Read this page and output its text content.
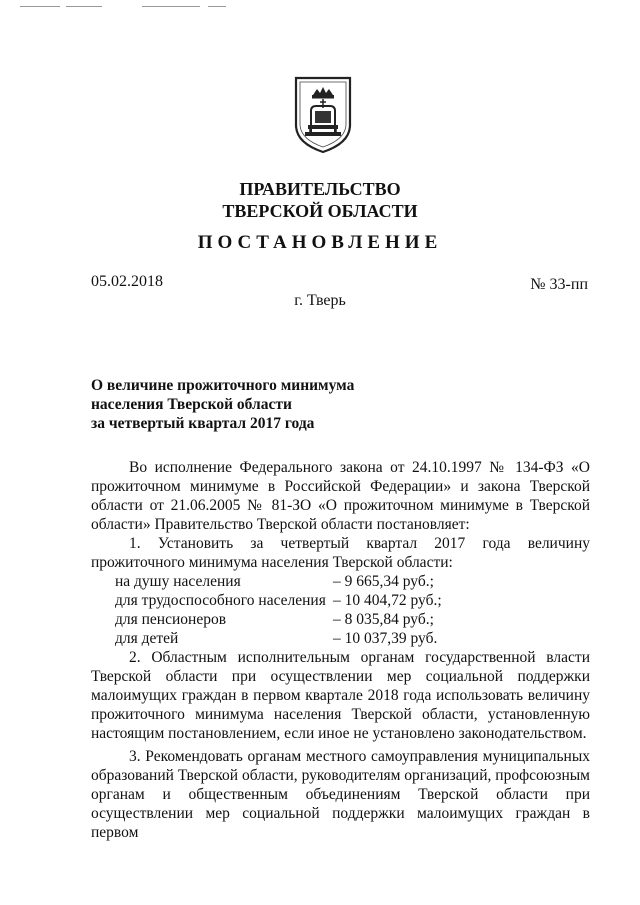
ПРАВИТЕЛЬСТВО
ТВЕРСКОЙ ОБЛАСТИ
ПОСТАНОВЛЕНИЕ
05.02.2018	№ 33-пп
г. Тверь
О величине прожиточного минимума
населения Тверской области
за четвертый квартал 2017 года

Во исполнение Федерального закона от 24.10.1997 № 134-ФЗ «О прожиточном минимуме в Российской Федерации» и закона Тверской области от 21.06.2005 № 81-ЗО «О прожиточном минимуме в Тверской области» Правительство Тверской области постановляет:

1. Установить за четвертый квартал 2017 года величину прожиточного минимума населения Тверской области:

на душу населения	– 9 665,34 руб.;
для трудоспособного населения – 10 404,72 руб.;
для пенсионеров	– 8 035,84 руб.;
для детей	– 10 037,39 руб.

2. Областным исполнительным органам государственной власти Тверской области при осуществлении мер социальной поддержки малоимущих граждан в первом квартале 2018 года использовать величину прожиточного минимума населения Тверской области, установленную настоящим постановлением, если иное не установлено законодательством.

3. Рекомендовать органам местного самоуправления муниципальных образований Тверской области, руководителям организаций, профсоюзным органам и общественным объединениям Тверской области при осуществлении мер социальной поддержки малоимущих граждан в первом
